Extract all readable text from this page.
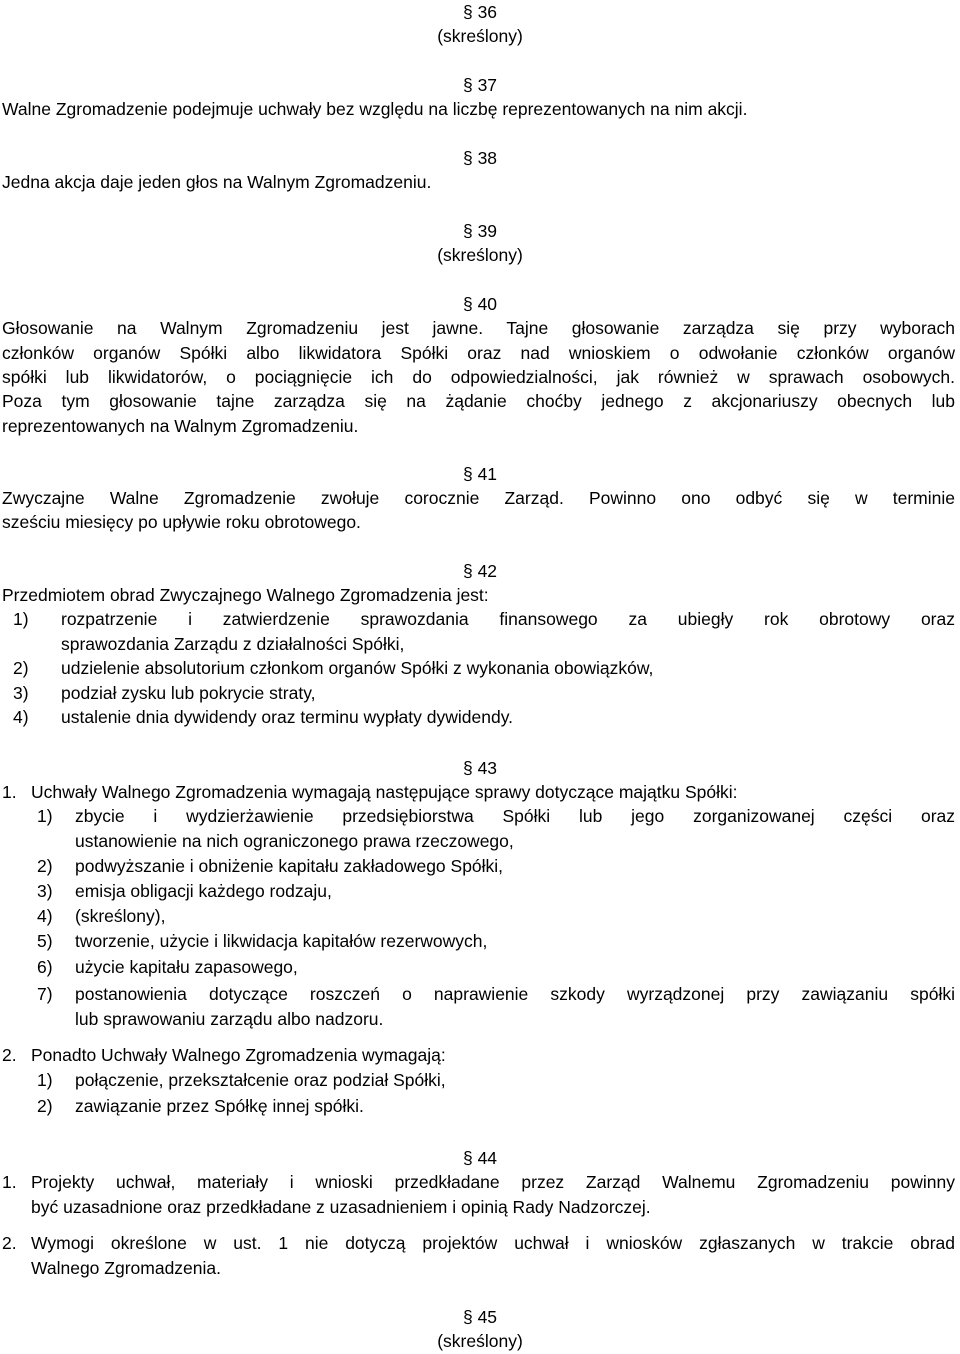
§ 36
(skreślony)
§ 37
Walne Zgromadzenie podejmuje uchwały bez względu na liczbę reprezentowanych na nim akcji.
§ 38
Jedna akcja daje jeden głos na Walnym Zgromadzeniu.
§ 39
(skreślony)
§ 40
Głosowanie na Walnym Zgromadzeniu jest jawne. Tajne głosowanie zarządza się przy wyborach
członków organów Spółki albo likwidatora Spółki oraz nad wnioskiem o odwołanie członków organów
spółki lub likwidatorów, o pociągnięcie ich do odpowiedzialności, jak również w sprawach osobowych.
Poza tym głosowanie tajne zarządza się na żądanie choćby jednego z akcjonariuszy obecnych lub
reprezentowanych na Walnym Zgromadzeniu.
§ 41
Zwyczajne Walne Zgromadzenie zwołuje corocznie Zarząd. Powinno ono odbyć się w terminie
sześciu miesięcy po upływie roku obrotowego.
§ 42
Przedmiotem obrad Zwyczajnego Walnego Zgromadzenia jest:
1) rozpatrzenie i zatwierdzenie sprawozdania finansowego za ubiegły rok obrotowy oraz
sprawozdania Zarządu z działalności Spółki,
2) udzielenie absolutorium członkom organów Spółki z wykonania obowiązków,
3) podział zysku lub pokrycie straty,
4) ustalenie dnia dywidendy oraz terminu wypłaty dywidendy.
§ 43
1. Uchwały Walnego Zgromadzenia wymagają następujące sprawy dotyczące majątku Spółki:
1) zbycie i wydzierżawienie przedsiębiorstwa Spółki lub jego zorganizowanej części oraz
ustanowienie na nich ograniczonego prawa rzeczowego,
2) podwyższanie i obniżenie kapitału zakładowego Spółki,
3) emisja obligacji każdego rodzaju,
4) (skreślony),
5) tworzenie, użycie i likwidacja kapitałów rezerwowych,
6) użycie kapitału zapasowego,
7) postanowienia dotyczące roszczeń o naprawienie szkody wyrządzonej przy zawiązaniu spółki
lub sprawowaniu zarządu albo nadzoru.
2. Ponadto Uchwały Walnego Zgromadzenia wymagają:
1) połączenie, przekształcenie oraz podział Spółki,
2) zawiązanie przez Spółkę innej spółki.
§ 44
1. Projekty uchwał, materiały i wnioski przedkładane przez Zarząd Walnemu Zgromadzeniu powinny
być uzasadnione oraz przedkładane z uzasadnieniem i opinią Rady Nadzorczej.
2. Wymogi określone w ust. 1 nie dotyczą projektów uchwał i wniosków zgłaszanych w trakcie obrad
Walnego Zgromadzenia.
§ 45
(skreślony)
